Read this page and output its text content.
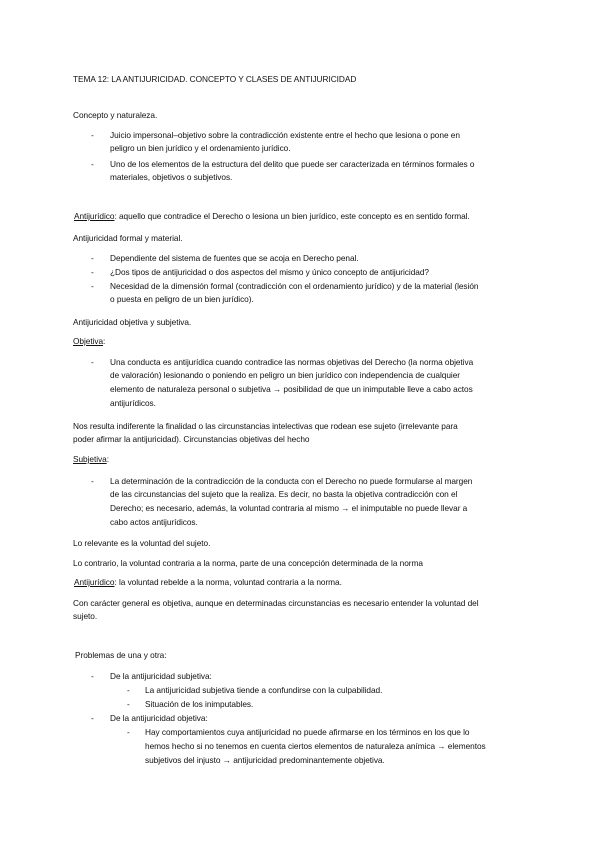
TEMA 12: LA ANTIJURICIDAD. CONCEPTO Y CLASES DE ANTIJURICIDAD
Concepto y naturaleza.
- Juicio impersonal–objetivo sobre la contradicción existente entre el hecho que lesiona o pone en
peligro un bien jurídico y el ordenamiento jurídico.
- Uno de los elementos de la estructura del delito que puede ser caracterizada en términos formales o
materiales, objetivos o subjetivos.
Antijurídico: aquello que contradice el Derecho o lesiona un bien jurídico, este concepto es en sentido formal.
Antijuricidad formal y material.
- Dependiente del sistema de fuentes que se acoja en Derecho penal.
- ¿Dos tipos de antijuricidad o dos aspectos del mismo y único concepto de antijuricidad?
- Necesidad de la dimensión formal (contradicción con el ordenamiento jurídico) y de la material (lesión
o puesta en peligro de un bien jurídico).
Antijuricidad objetiva y subjetiva.
Objetiva:
- Una conducta es antijurídica cuando contradice las normas objetivas del Derecho (la norma objetiva
de valoración) lesionando o poniendo en peligro un bien jurídico con independencia de cualquier
elemento de naturaleza personal o subjetiva → posibilidad de que un inimputable lleve a cabo actos
antijurídicos.
Nos resulta indiferente la finalidad o las circunstancias intelectivas que rodean ese sujeto (irrelevante para
poder afirmar la antijuricidad). Circunstancias objetivas del hecho
Subjetiva:
- La determinación de la contradicción de la conducta con el Derecho no puede formularse al margen
de las circunstancias del sujeto que la realiza. Es decir, no basta la objetiva contradicción con el
Derecho; es necesario, además, la voluntad contraria al mismo → el inimputable no puede llevar a
cabo actos antijurídicos.
Lo relevante es la voluntad del sujeto.
Lo contrario, la voluntad contraria a la norma, parte de una concepción determinada de la norma
Antijurídico: la voluntad rebelde a la norma, voluntad contraria a la norma.
Con carácter general es objetiva, aunque en determinadas circunstancias es necesario entender la voluntad del
sujeto.
Problemas de una y otra:
- De la antijuricidad subjetiva:
- La antijuricidad subjetiva tiende a confundirse con la culpabilidad.
- Situación de los inimputables.
- De la antijuricidad objetiva:
- Hay comportamientos cuya antijuricidad no puede afirmarse en los términos en los que lo
hemos hecho si no tenemos en cuenta ciertos elementos de naturaleza anímica → elementos
subjetivos del injusto → antijuricidad predominantemente objetiva.
